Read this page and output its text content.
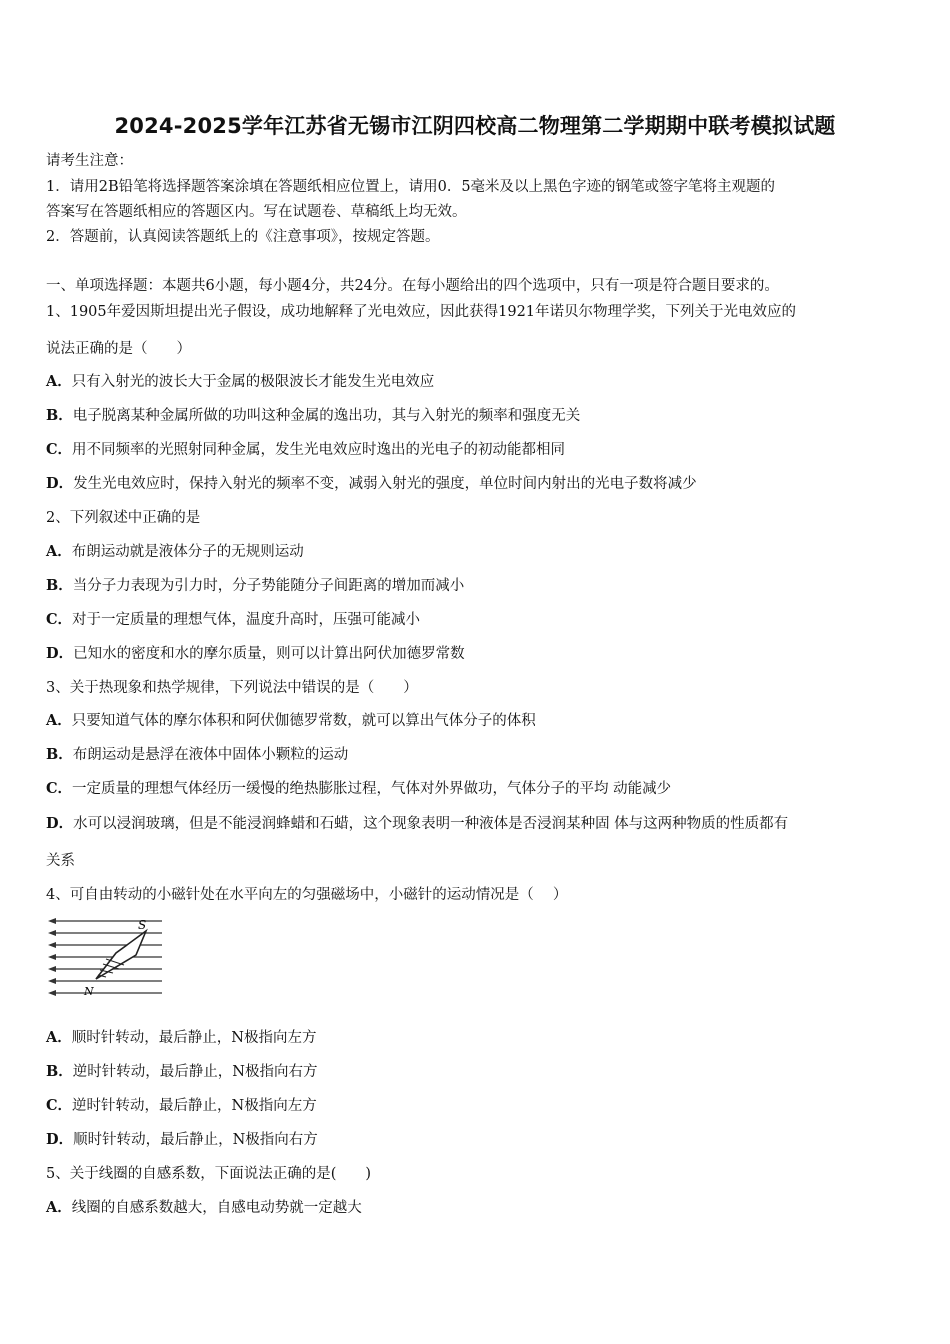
2024-2025学年江苏省无锡市江阴四校高二物理第二学期期中联考模拟试题
请考生注意：
1．请用2B铅笔将选择题答案涂填在答题纸相应位置上，请用0．5毫米及以上黑色字迹的钢笔或签字笔将主观题的
答案写在答题纸相应的答题区内。写在试题卷、草稿纸上均无效。
2．答题前，认真阅读答题纸上的《注意事项》，按规定答题。
一、单项选择题：本题共6小题，每小题4分，共24分。在每小题给出的四个选项中，只有一项是符合题目要求的。
1、1905年爱因斯坦提出光子假设，成功地解释了光电效应，因此获得1921年诺贝尔物理学奖，下列关于光电效应的
说法正确的是（　　）
A．只有入射光的波长大于金属的极限波长才能发生光电效应
B．电子脱离某种金属所做的功叫这种金属的逸出功，其与入射光的频率和强度无关
C．用不同频率的光照射同种金属，发生光电效应时逸出的光电子的初动能都相同
D．发生光电效应时，保持入射光的频率不变，减弱入射光的强度，单位时间内射出的光电子数将减少
2、下列叙述中正确的是
A．布朗运动就是液体分子的无规则运动
B．当分子力表现为引力时，分子势能随分子间距离的增加而减小
C．对于一定质量的理想气体，温度升高时，压强可能减小
D．已知水的密度和水的摩尔质量，则可以计算出阿伏加德罗常数
3、关于热现象和热学规律，下列说法中错误的是（　　）
A．只要知道气体的摩尔体积和阿伏伽德罗常数，就可以算出气体分子的体积
B．布朗运动是悬浮在液体中固体小颗粒的运动
C．一定质量的理想气体经历一缓慢的绝热膨胀过程，气体对外界做功，气体分子的平均 动能减少
D．水可以浸润玻璃，但是不能浸润蜂蜡和石蜡，这个现象表明一种液体是否浸润某种固 体与这两种物质的性质都有
关系
4、可自由转动的小磁针处在水平向左的匀强磁场中，小磁针的运动情况是（　 ）
S
N
A．顺时针转动，最后静止，N极指向左方
B．逆时针转动，最后静止，N极指向右方
C．逆时针转动，最后静止，N极指向左方
D．顺时针转动，最后静止，N极指向右方
5、关于线圈的自感系数，下面说法正确的是(　　)
A．线圈的自感系数越大，自感电动势就一定越大
